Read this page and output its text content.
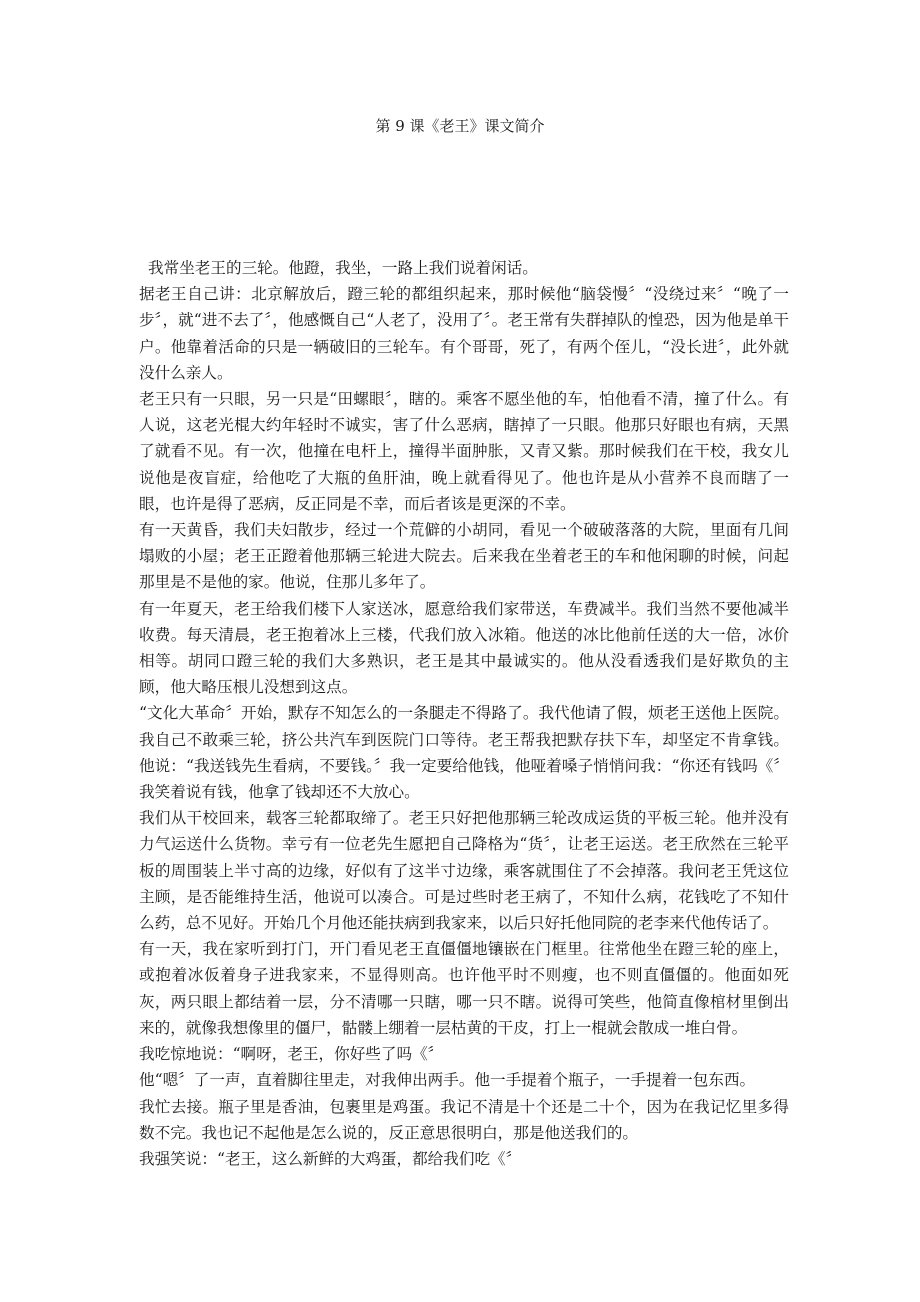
第 9 课《老王》课文简介

我常坐老王的三轮。他蹬，我坐，一路上我们说着闲话。

据老王自己讲：北京解放后，蹬三轮的都组织起来，那时候他“脑袋慢〞“没绕过来〞“晚了一步〞，就“进不去了〞，他感慨自己“人老了，没用了〞。老王常有失群掉队的惶恐，因为他是单干户。他靠着活命的只是一辆破旧的三轮车。有个哥哥，死了，有两个侄儿，“没长进〞，此外就没什么亲人。

老王只有一只眼，另一只是“田螺眼〞，瞎的。乘客不愿坐他的车，怕他看不清，撞了什么。有人说，这老光棍大约年轻时不诚实，害了什么恶病，瞎掉了一只眼。他那只好眼也有病，天黑了就看不见。有一次，他撞在电杆上，撞得半面肿胀，又青又紫。那时候我们在干校，我女儿说他是夜盲症，给他吃了大瓶的鱼肝油，晚上就看得见了。他也许是从小营养不良而瞎了一眼，也许是得了恶病，反正同是不幸，而后者该是更深的不幸。

有一天黄昏，我们夫妇散步，经过一个荒僻的小胡同，看见一个破破落落的大院，里面有几间塌败的小屋；老王正蹬着他那辆三轮进大院去。后来我在坐着老王的车和他闲聊的时候，问起那里是不是他的家。他说，住那儿多年了。

有一年夏天，老王给我们楼下人家送冰，愿意给我们家带送，车费减半。我们当然不要他减半收费。每天清晨，老王抱着冰上三楼，代我们放入冰箱。他送的冰比他前任送的大一倍，冰价相等。胡同口蹬三轮的我们大多熟识，老王是其中最诚实的。他从没看透我们是好欺负的主顾，他大略压根儿没想到这点。

“文化大革命〞开始，默存不知怎么的一条腿走不得路了。我代他请了假，烦老王送他上医院。我自己不敢乘三轮，挤公共汽车到医院门口等待。老王帮我把默存扶下车，却坚定不肯拿钱。他说：“我送钱先生看病，不要钱。〞我一定要给他钱，他哑着嗓子悄悄问我：“你还有钱吗《〞我笑着说有钱，他拿了钱却还不大放心。

我们从干校回来，载客三轮都取缔了。老王只好把他那辆三轮改成运货的平板三轮。他并没有力气运送什么货物。幸亏有一位老先生愿把自己降格为“货〞，让老王运送。老王欣然在三轮平板的周围装上半寸高的边缘，好似有了这半寸边缘，乘客就围住了不会掉落。我问老王凭这位主顾，是否能维持生活，他说可以凑合。可是过些时老王病了，不知什么病，花钱吃了不知什么药，总不见好。开始几个月他还能扶病到我家来，以后只好托他同院的老李来代他传话了。

有一天，我在家听到打门，开门看见老王直僵僵地镶嵌在门框里。往常他坐在蹬三轮的座上，或抱着冰仮着身子进我家来，不显得则高。也许他平时不则瘦，也不则直僵僵的。他面如死灰，两只眼上都结着一层，分不清哪一只瞎，哪一只不瞎。说得可笑些，他简直像棺材里倒出来的，就像我想像里的僵尸，骷髅上绷着一层枯黄的干皮，打上一棍就会散成一堆白骨。

我吃惊地说：“啊呀，老王，你好些了吗《〞

他“嗯〞了一声，直着脚往里走，对我伸出两手。他一手提着个瓶子，一手提着一包东西。

我忙去接。瓶子里是香油，包裹里是鸡蛋。我记不清是十个还是二十个，因为在我记忆里多得数不完。我也记不起他是怎么说的，反正意思很明白，那是他送我们的。

我强笑说：“老王，这么新鲜的大鸡蛋，都给我们吃《〞
